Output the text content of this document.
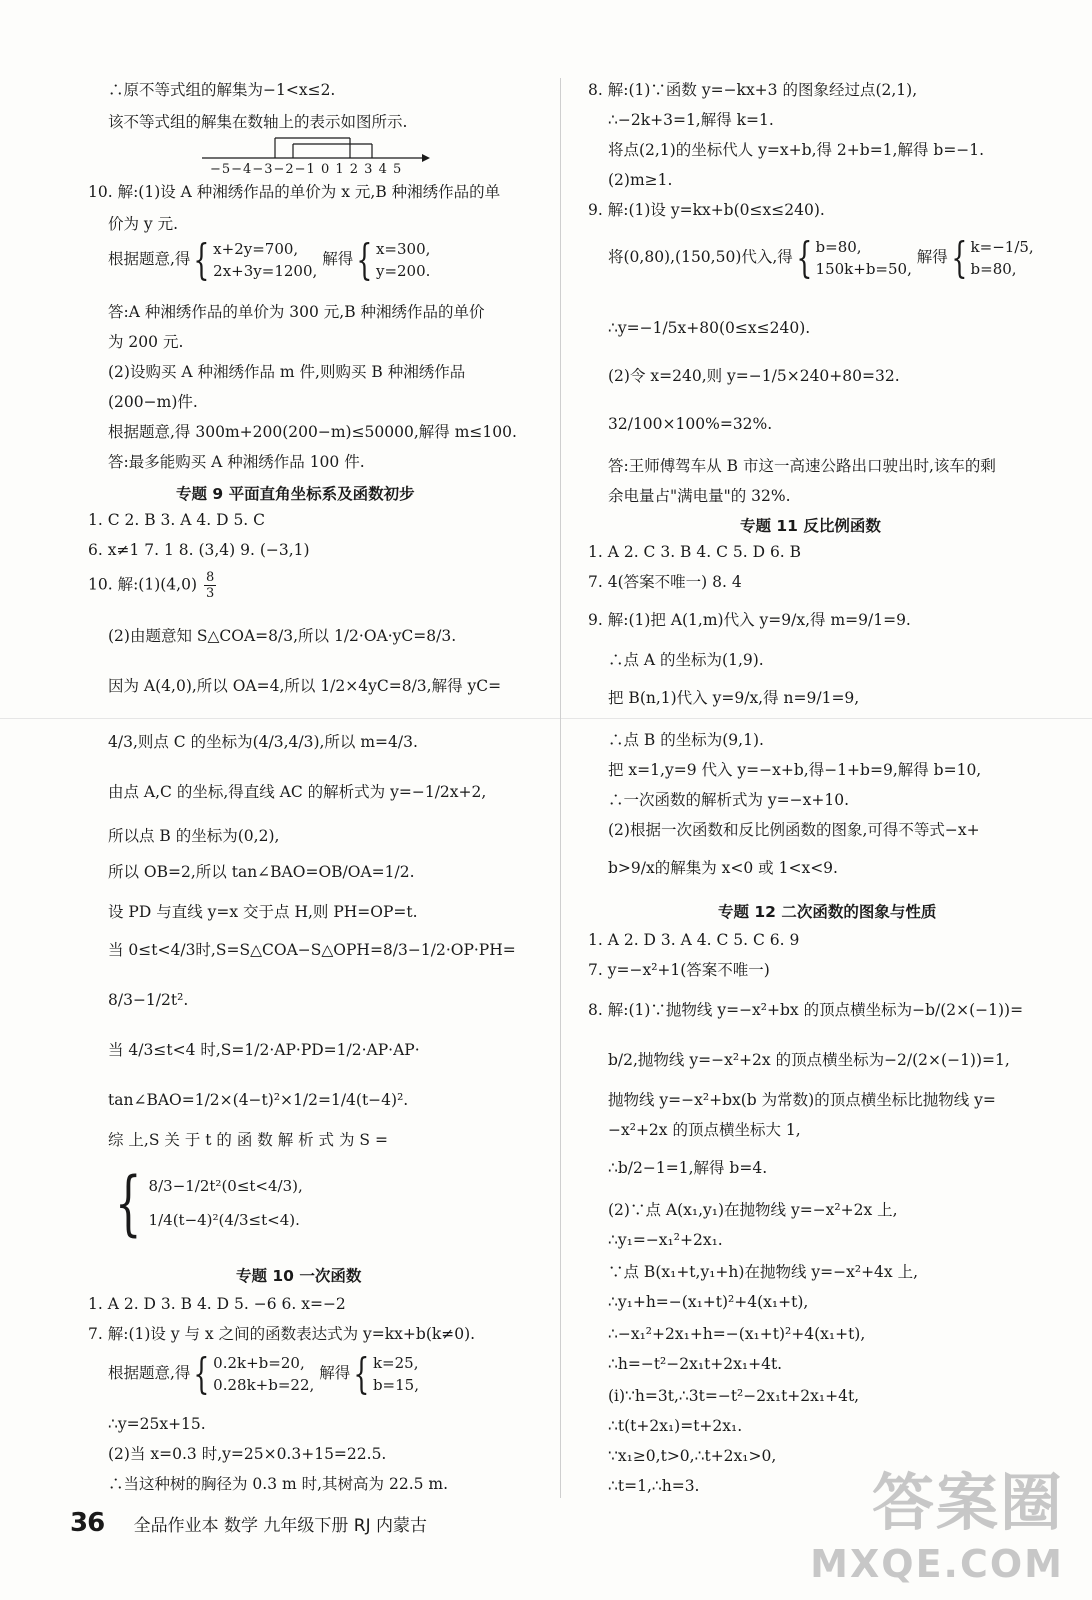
∴原不等式组的解集为−1<x≤2.
该不等式组的解集在数轴上的表示如图所示.
−5−4−3−2−1 0 1 2 3 4 5
10. 解:(1)设 A 种湘绣作品的单价为 x 元,B 种湘绣作品的单
价为 y 元.
根据题意,得{ x+2y=700,
2x+3y=1200, 解得{ x=300,
y=200.
答:A 种湘绣作品的单价为 300 元,B 种湘绣作品的单价
为 200 元.
(2)设购买 A 种湘绣作品 m 件,则购买 B 种湘绣作品
(200−m)件.
根据题意,得 300m+200(200−m)≤50000,解得 m≤100.
答:最多能购买 A 种湘绣作品 100 件.
专题 9 平面直角坐标系及函数初步
1. C 2. B 3. A 4. D 5. C
6. x≠1 7. 1 8. (3,4) 9. (−3,1)
10. 解:(1)(4,0) $\frac{8}{3}$
(2)由题意知 S△COA=8/3,所以 1/2·OA·yC=8/3.
因为 A(4,0),所以 OA=4,所以 1/2×4yC=8/3,解得 yC=
4/3,则点 C 的坐标为(4/3,4/3),所以 m=4/3.
由点 A,C 的坐标,得直线 AC 的解析式为 y=−1/2x+2,
所以点 B 的坐标为(0,2),
所以 OB=2,所以 tan∠BAO=OB/OA=1/2.
设 PD 与直线 y=x 交于点 H,则 PH=OP=t.
当 0≤t<4/3时,S=S△COA−S△OPH=8/3−1/2·OP·PH=
8/3−1/2t².
当 4/3≤t<4 时,S=1/2·AP·PD=1/2·AP·AP·
tan∠BAO=1/2×(4−t)²×1/2=1/4(t−4)².
综 上,S 关 于 t 的 函 数 解 析 式 为 S =
{ 8/3−1/2t²(0≤t<4/3),
1/4(t−4)²(4/3≤t<4).
专题 10 一次函数
1. A 2. D 3. B 4. D 5. −6 6. x=−2
7. 解:(1)设 y 与 x 之间的函数表达式为 y=kx+b(k≠0).
根据题意,得{ 0.2k+b=20,
0.28k+b=22, 解得{ k=25,
b=15,
∴y=25x+15.
(2)当 x=0.3 时,y=25×0.3+15=22.5.
∴当这种树的胸径为 0.3 m 时,其树高为 22.5 m.
8. 解:(1)∵函数 y=−kx+3 的图象经过点(2,1),
∴−2k+3=1,解得 k=1.
将点(2,1)的坐标代人 y=x+b,得 2+b=1,解得 b=−1.
(2)m≥1.
9. 解:(1)设 y=kx+b(0≤x≤240).
将(0,80),(150,50)代入,得{ b=80,
150k+b=50, 解得{ k=−1/5,
b=80,
∴y=−1/5x+80(0≤x≤240).
(2)令 x=240,则 y=−1/5×240+80=32.
32/100×100%=32%.
答:王师傅驾车从 B 市这一高速公路出口驶出时,该车的剩
余电量占"满电量"的 32%.
专题 11 反比例函数
1. A 2. C 3. B 4. C 5. D 6. B
7. 4(答案不唯一) 8. 4
9. 解:(1)把 A(1,m)代入 y=9/x,得 m=9/1=9.
∴点 A 的坐标为(1,9).
把 B(n,1)代入 y=9/x,得 n=9/1=9,
∴点 B 的坐标为(9,1).
把 x=1,y=9 代入 y=−x+b,得−1+b=9,解得 b=10,
∴一次函数的解析式为 y=−x+10.
(2)根据一次函数和反比例函数的图象,可得不等式−x+
b>9/x的解集为 x<0 或 1<x<9.
专题 12 二次函数的图象与性质
1. A 2. D 3. A 4. C 5. C 6. 9
7. y=−x²+1(答案不唯一)
8. 解:(1)∵抛物线 y=−x²+bx 的顶点横坐标为−b/(2×(−1))=
b/2,抛物线 y=−x²+2x 的顶点横坐标为−2/(2×(−1))=1,
抛物线 y=−x²+bx(b 为常数)的顶点横坐标比抛物线 y=
−x²+2x 的顶点横坐标大 1,
∴b/2−1=1,解得 b=4.
(2)∵点 A(x₁,y₁)在抛物线 y=−x²+2x 上,
∴y₁=−x₁²+2x₁.
∵点 B(x₁+t,y₁+h)在抛物线 y=−x²+4x 上,
∴y₁+h=−(x₁+t)²+4(x₁+t),
∴−x₁²+2x₁+h=−(x₁+t)²+4(x₁+t),
∴h=−t²−2x₁t+2x₁+4t.
(i)∵h=3t,∴3t=−t²−2x₁t+2x₁+4t,
∴t(t+2x₁)=t+2x₁.
∵x₁≥0,t>0,∴t+2x₁>0,
∴t=1,∴h=3.
36 全品作业本 数学 九年级下册 RJ 内蒙古	答案圈
MXQE.COM
